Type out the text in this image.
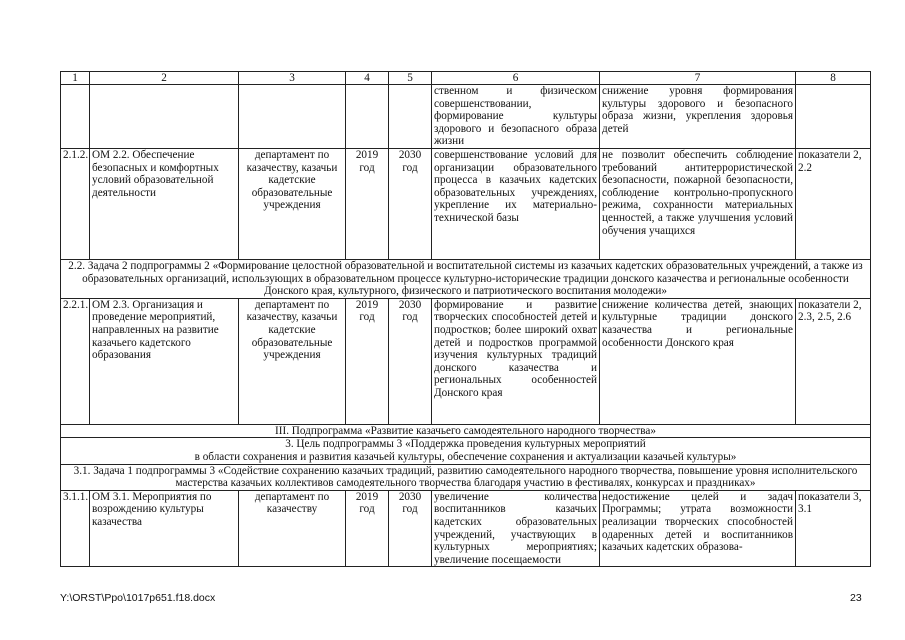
1	2	3	4	5	6	7	8
					ственном и физическом совершенствовании, формирование культуры здорового и безопасного образа жизни	снижение уровня формирования культуры здорового и безопасного образа жизни, укрепления здоровья детей	
2.1.2.	ОМ 2.2. Обеспечение безопасных и комфортных условий образовательной деятельности	департамент по казачеству, казачьи кадетские образовательные учреждения	2019 год	2030 год	совершенствование условий для организации образовательного процесса в казачьих кадетских образовательных учреждениях, укрепление их материально- технической базы	не позволит обеспечить соблюдение требований антитеррористической безопасности, пожарной безопасности, соблюдение контрольно-пропускного режима, сохранности материальных ценностей, а также улучшения условий обучения учащихся	показатели 2, 2.2
2.2. Задача 2 подпрограммы 2 «Формирование целостной образовательной и воспитательной системы из казачьих кадетских образовательных учреждений, а также из образовательных организаций, использующих в образовательном процессе культурно-исторические традиции донского казачества и региональные особенности Донского края, культурного, физического и патриотического воспитания молодежи»							
2.2.1.	ОМ 2.3. Организация и проведение мероприятий, направленных на развитие казачьего кадетского образования	департамент по казачеству, казачьи кадетские образовательные учреждения	2019 год	2030 год	формирование и развитие творческих способностей детей и подростков; более широкий охват детей и подростков программой изучения культурных традиций донского казачества и региональных особенностей Донского края	снижение количества детей, знающих культурные традиции донского казачества и региональные особенности Донского края	показатели 2, 2.3, 2.5, 2.6
III. Подпрограмма «Развитие казачьего самодеятельного народного творчества»							

3. Цель подпрограммы 3 «Поддержка проведения культурных мероприятий
в области сохранения и развития казачьей культуры, обеспечение сохранения и актуализации казачьей культуры»							

3.1. Задача 1 подпрограммы 3 «Содействие сохранению казачьих традиций, развитию самодеятельного народного творчества, повышение уровня исполнительского мастерства казачьих коллективов самодеятельного творчества благодаря участию в фестивалях, конкурсах и праздниках»							
3.1.1.	ОМ 3.1. Мероприятия по возрождению культуры казачества	департамент по казачеству	2019 год	2030 год	увеличение количества воспитанников казачьих кадетских образовательных учреждений, участвующих в культурных мероприятиях; увеличение посещаемости	недостижение целей и задач Программы; утрата возможности реализации творческих способностей одаренных детей и воспитанников казачьих кадетских образова-	показатели 3, 3.1
Y:\ORST\Ppo\1017p651.f18.docx	23
